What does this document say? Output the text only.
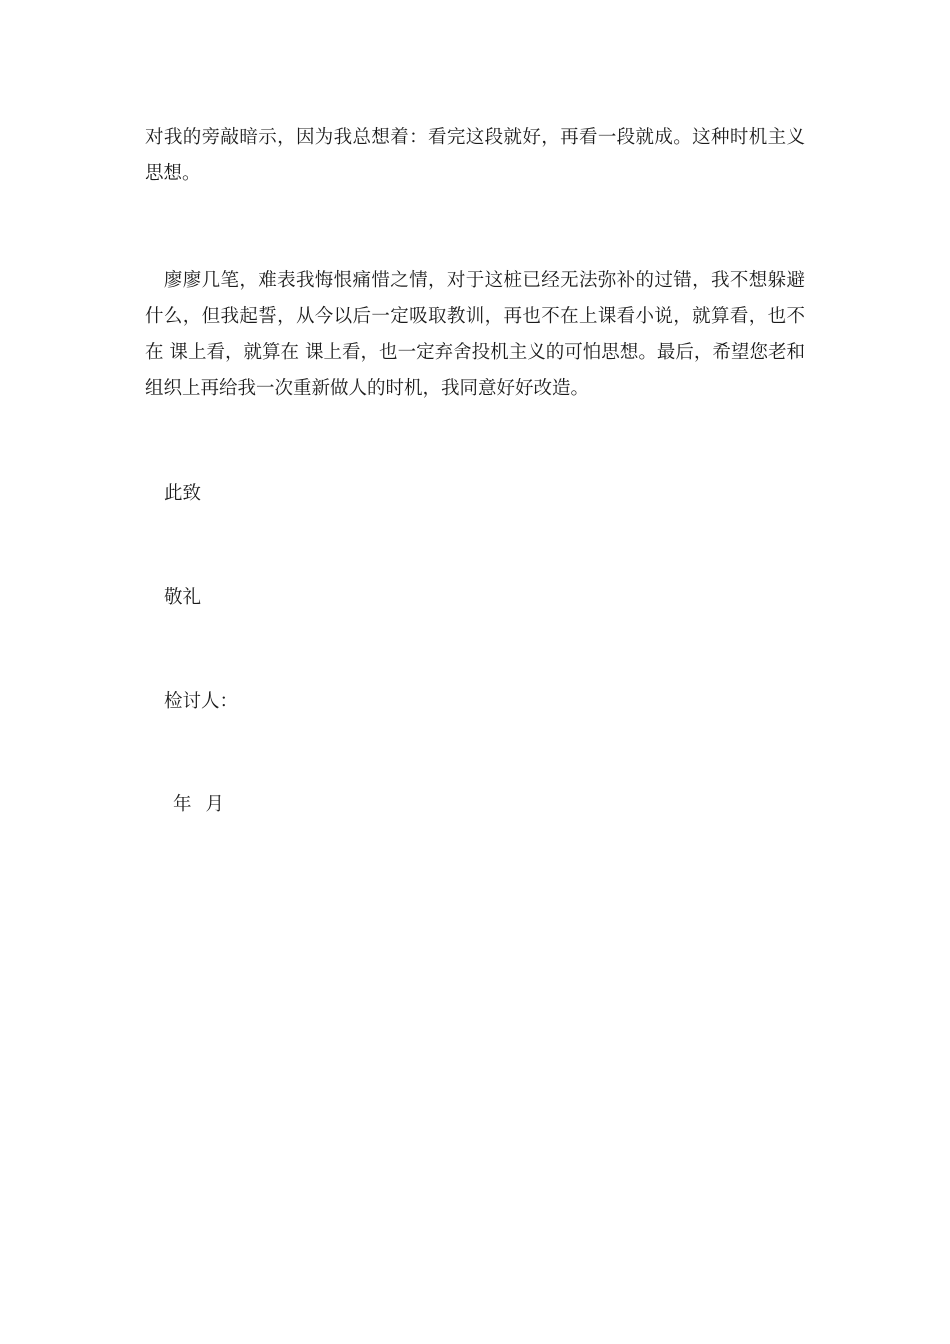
对我的旁敲暗示，因为我总想着：看完这段就好，再看一段就成。这种时机主义思想。

　廖廖几笔，难表我悔恨痛惜之情，对于这桩已经无法弥补的过错，我不想躲避什么，但我起誓，从今以后一定吸取教训，再也不在上课看小说，就算看，也不在 课上看，就算在 课上看，也一定弃舍投机主义的可怕思想。最后，希望您老和组织上再给我一次重新做人的时机，我同意好好改造。

此致

敬礼

检讨人：

年 月
